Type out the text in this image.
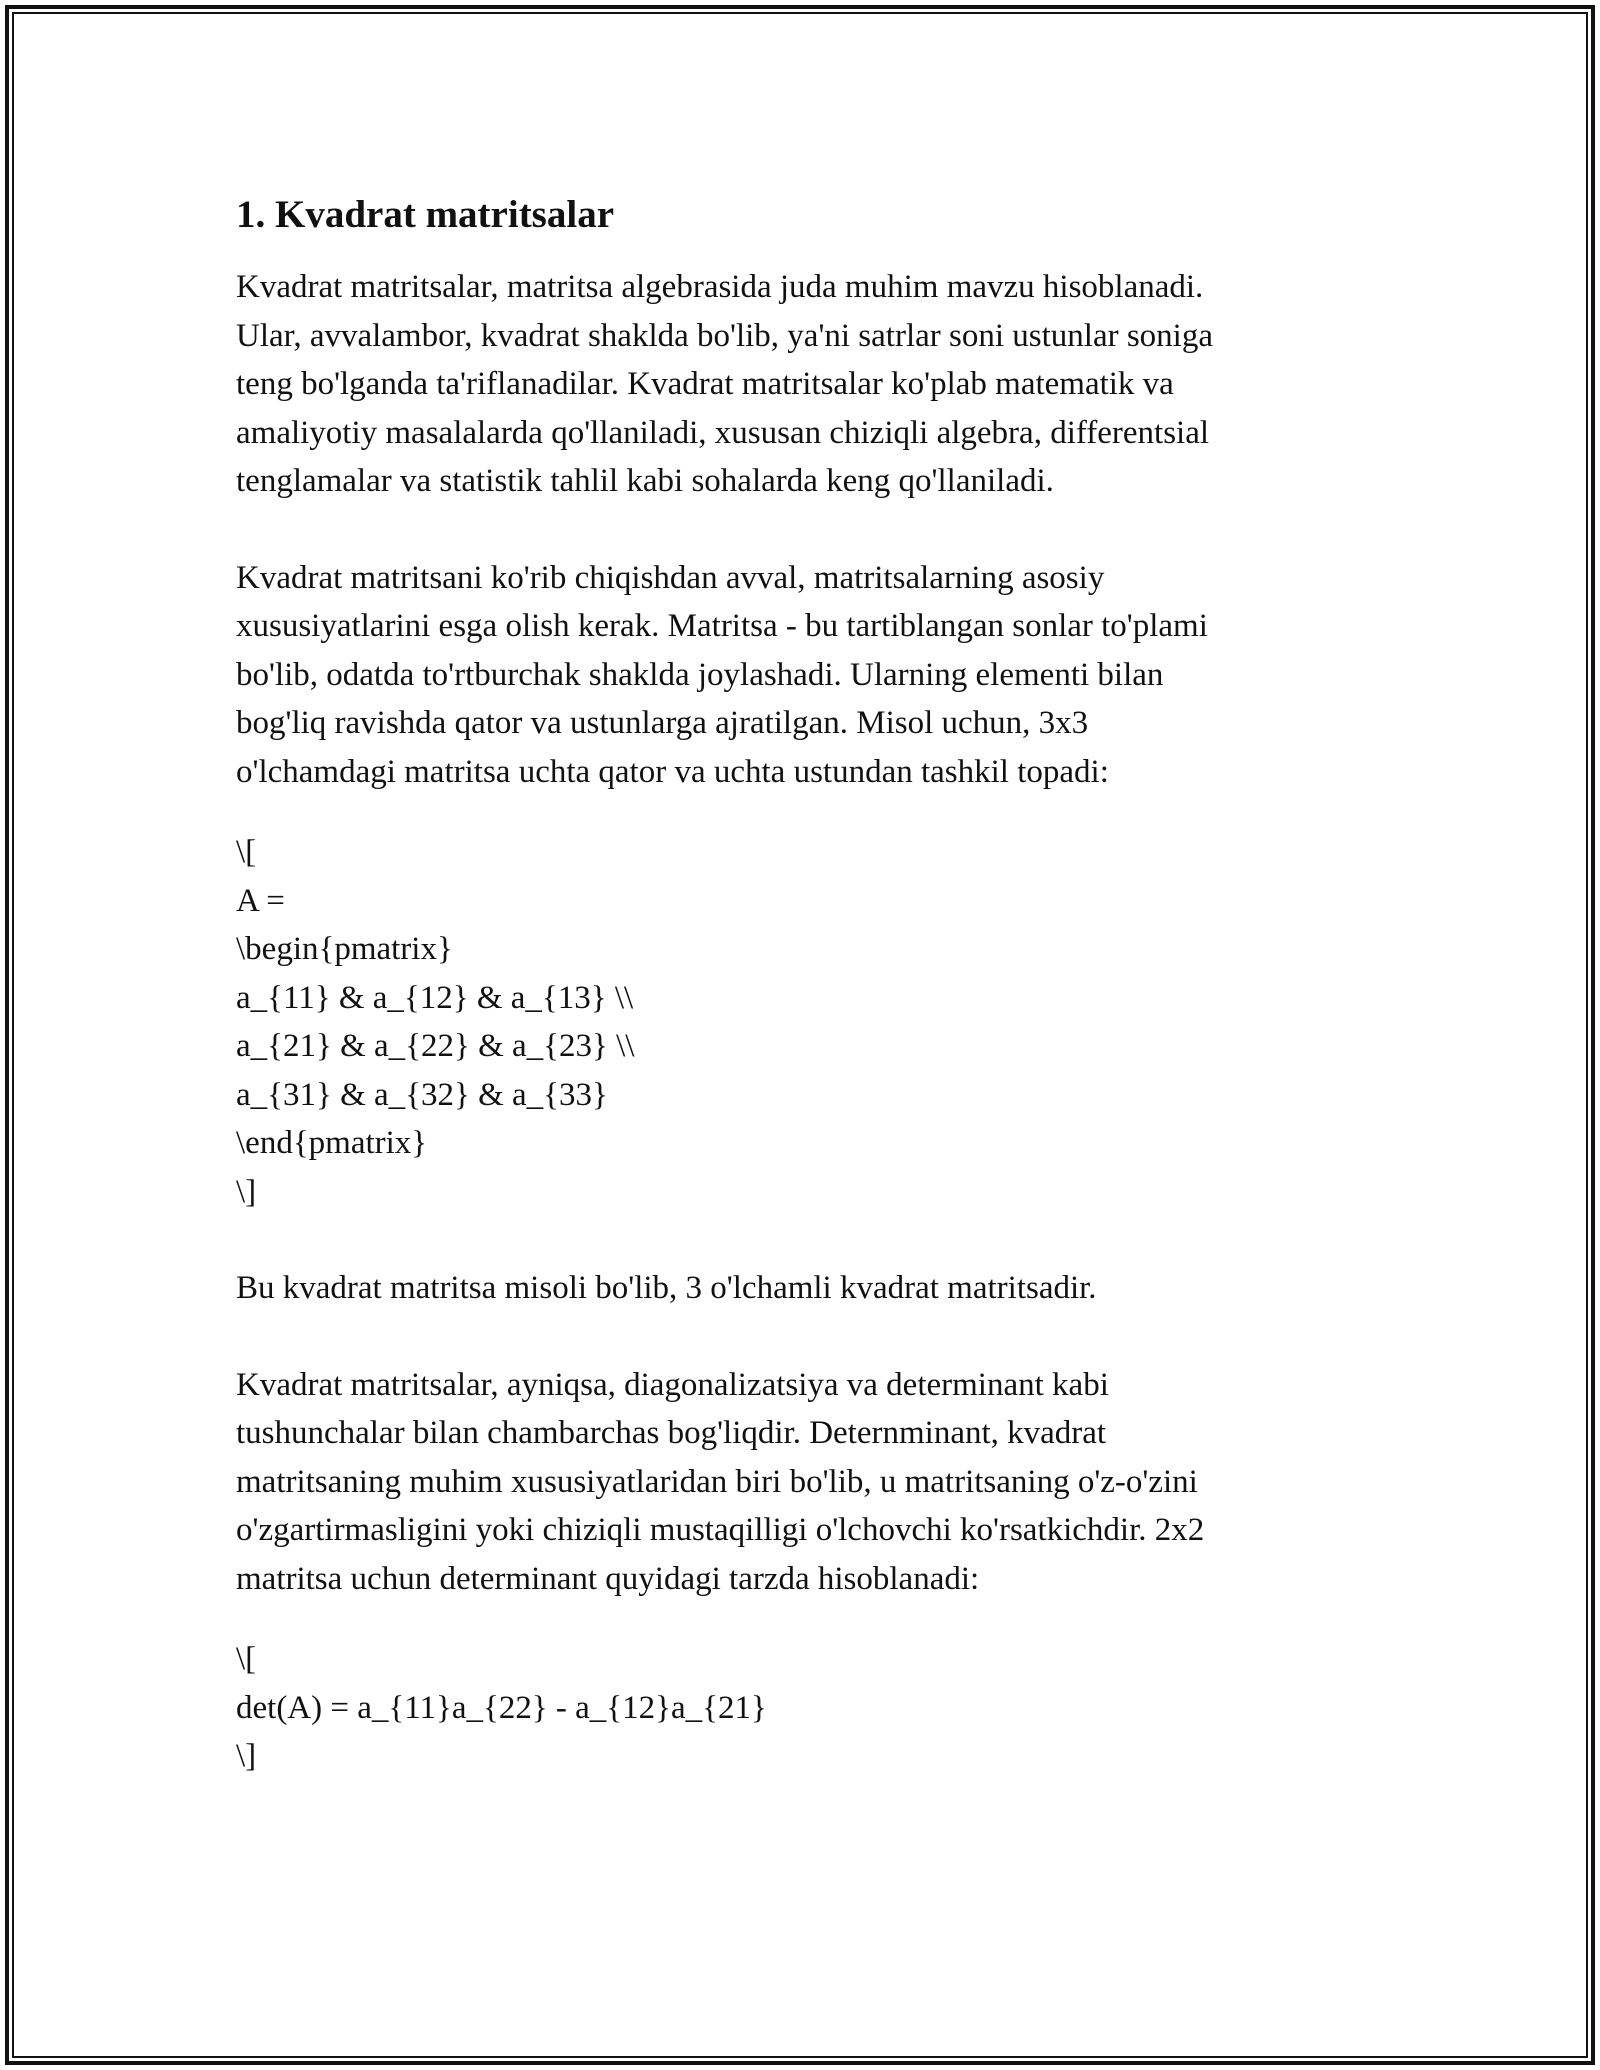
1. Kvadrat matritsalar

Kvadrat matritsalar, matritsa algebrasida juda muhim mavzu hisoblanadi.
Ular, avvalambor, kvadrat shaklda bo'lib, ya'ni satrlar soni ustunlar soniga
teng bo'lganda ta'riflanadilar. Kvadrat matritsalar ko'plab matematik va
amaliyotiy masalalarda qo'llaniladi, xususan chiziqli algebra, differentsial
tenglamalar va statistik tahlil kabi sohalarda keng qo'llaniladi.

Kvadrat matritsani ko'rib chiqishdan avval, matritsalarning asosiy
xususiyatlarini esga olish kerak. Matritsa - bu tartiblangan sonlar to'plami
bo'lib, odatda to'rtburchak shaklda joylashadi. Ularning elementi bilan
bog'liq ravishda qator va ustunlarga ajratilgan. Misol uchun, 3x3
o'lchamdagi matritsa uchta qator va uchta ustundan tashkil topadi:

\[
A =
\begin{pmatrix}
a_{11} & a_{12} & a_{13} \\
a_{21} & a_{22} & a_{23} \\
a_{31} & a_{32} & a_{33}
\end{pmatrix}
\]

Bu kvadrat matritsa misoli bo'lib, 3 o'lchamli kvadrat matritsadir.

Kvadrat matritsalar, ayniqsa, diagonalizatsiya va determinant kabi
tushunchalar bilan chambarchas bog'liqdir. Deternminant, kvadrat
matritsaning muhim xususiyatlaridan biri bo'lib, u matritsaning o'z-o'zini
o'zgartirmasligini yoki chiziqli mustaqilligi o'lchovchi ko'rsatkichdir. 2x2
matritsa uchun determinant quyidagi tarzda hisoblanadi:

\[
det(A) = a_{11}a_{22} - a_{12}a_{21}
\]
